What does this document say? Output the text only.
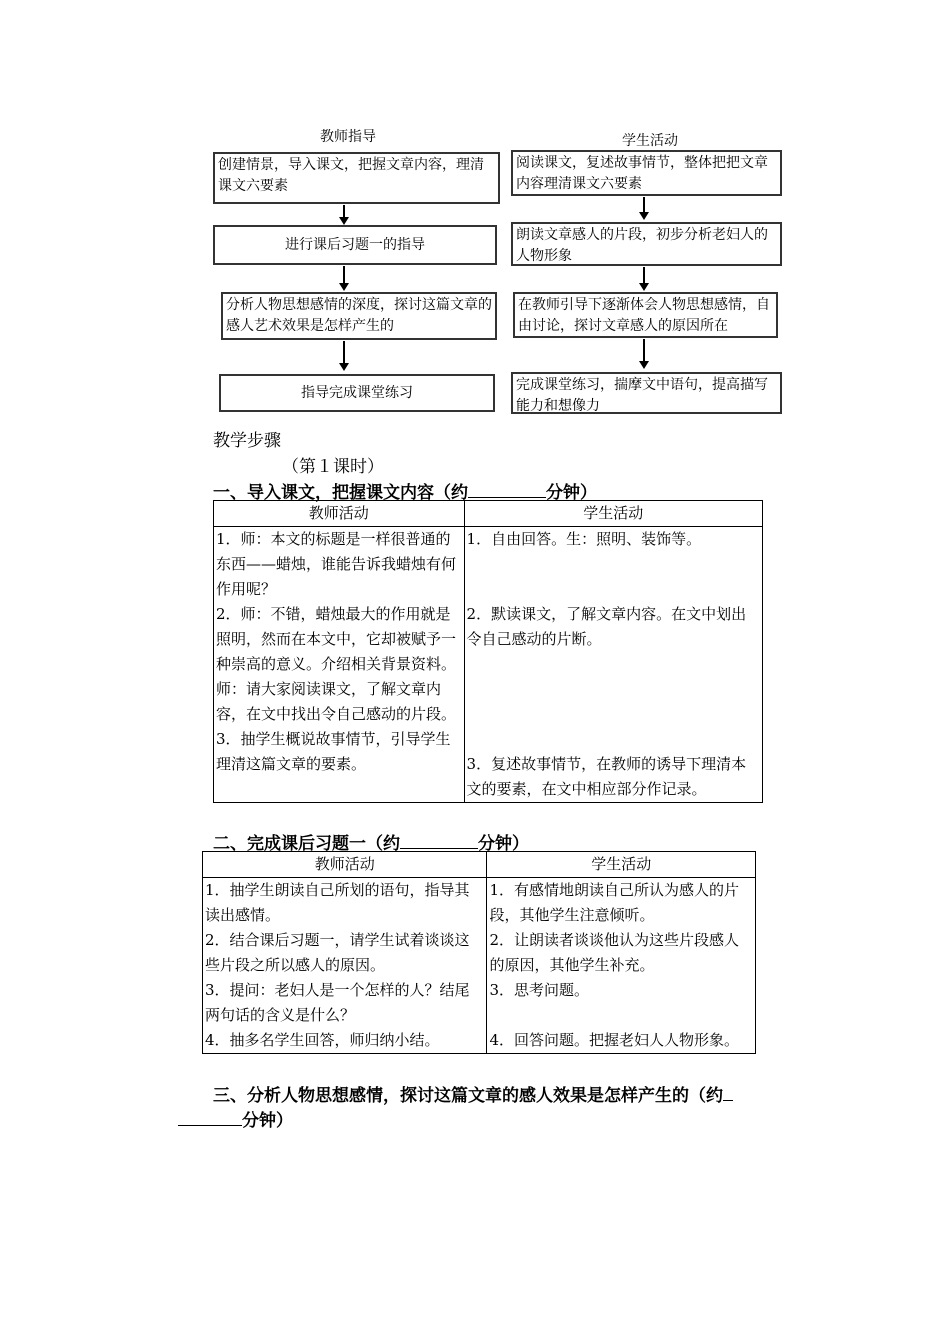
教师指导	学生活动
创建情景，导入课文，把握文章内容，理清课文六要素
进行课后习题一的指导
分析人物思想感情的深度，探讨这篇文章的感人艺术效果是怎样产生的
指导完成课堂练习
阅读课文，复述故事情节，整体把把文章内容理清课文六要素
朗读文章感人的片段，初步分析老妇人的人物形象
在教师引导下逐渐体会人物思想感情，自由讨论，探讨文章感人的原因所在
完成课堂练习，揣摩文中语句，提高描写能力和想像力
教学步骤
（第１课时）
一、导入课文，把握课文内容（约	分钟）
教师活动	学生活动

1．师：本文的标题是一样很普通的东西——蜡烛，谁能告诉我蜡烛有何作用呢？
2．师：不错，蜡烛最大的作用就是照明，然而在本文中，它却被赋予一种崇高的意义。介绍相关背景资料。师：请大家阅读课文，了解文章内容，在文中找出令自己感动的片段。
3．抽学生概说故事情节，引导学生理清这篇文章的要素。	1．自由回答。生：照明、装饰等。
2．默读课文，了解文章内容。在文中划出令自己感动的片断。
3．复述故事情节，在教师的诱导下理清本文的要素，在文中相应部分作记录。
二、完成课后习题一（约	分钟）
教师活动	学生活动

1．抽学生朗读自己所划的语句，指导其读出感情。
2．结合课后习题一，请学生试着谈谈这些片段之所以感人的原因。
3．提问：老妇人是一个怎样的人？结尾两句话的含义是什么？
4．抽多名学生回答，师归纳小结。	1．有感情地朗读自己所认为感人的片段，其他学生注意倾听。
2．让朗读者谈谈他认为这些片段感人的原因，其他学生补充。
3．思考问题。
4．回答问题。把握老妇人人物形象。
三、分析人物思想感情，探讨这篇文章的感人效果是怎样产生的（约
分钟）
